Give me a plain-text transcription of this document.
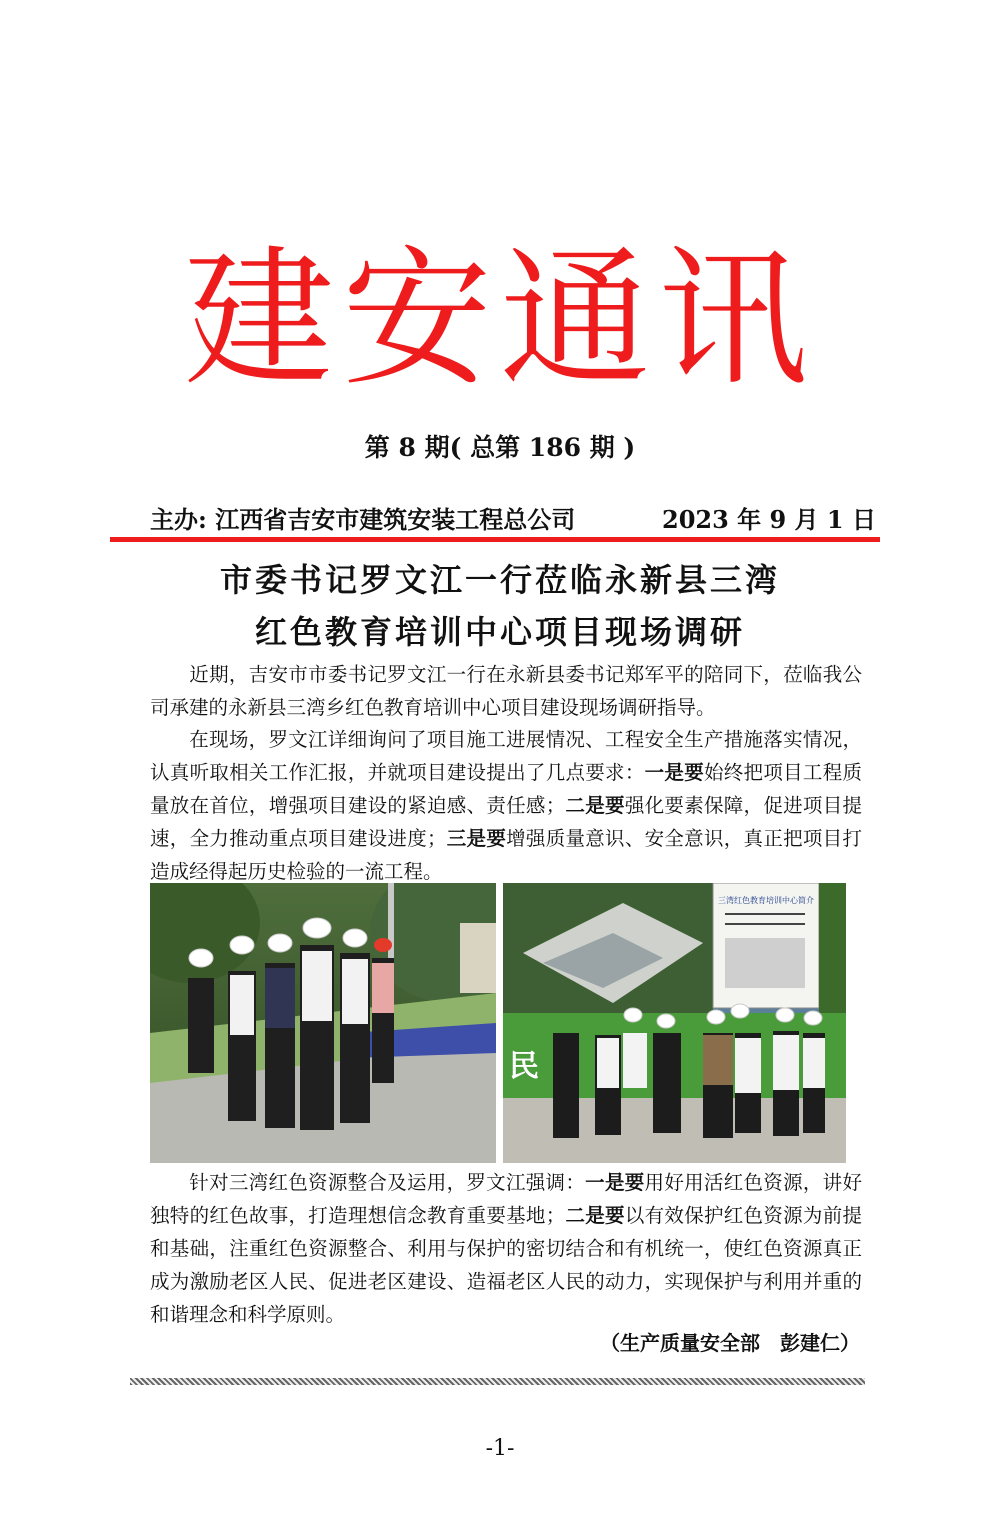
建安通讯
第 8 期( 总第 186 期 )
主办: 江西省吉安市建筑安装工程总公司	2023 年 9 月 1 日
市委书记罗文江一行莅临永新县三湾
红色教育培训中心项目现场调研
近期，吉安市市委书记罗文江一行在永新县委书记郑军平的陪同下，莅临我公司承建的永新县三湾乡红色教育培训中心项目建设现场调研指导。
在现场，罗文江详细询问了项目施工进展情况、工程安全生产措施落实情况，认真听取相关工作汇报，并就项目建设提出了几点要求：一是要始终把项目工程质量放在首位，增强项目建设的紧迫感、责任感；二是要强化要素保障，促进项目提速，全力推动重点项目建设进度；三是要增强质量意识、安全意识，真正把项目打造成经得起历史检验的一流工程。
三湾红色教育培训中心简介
民
针对三湾红色资源整合及运用，罗文江强调：一是要用好用活红色资源，讲好独特的红色故事，打造理想信念教育重要基地；二是要以有效保护红色资源为前提和基础，注重红色资源整合、利用与保护的密切结合和有机统一，使红色资源真正成为激励老区人民、促进老区建设、造福老区人民的动力，实现保护与利用并重的和谐理念和科学原则。
（生产质量安全部　彭建仁）
-1-
